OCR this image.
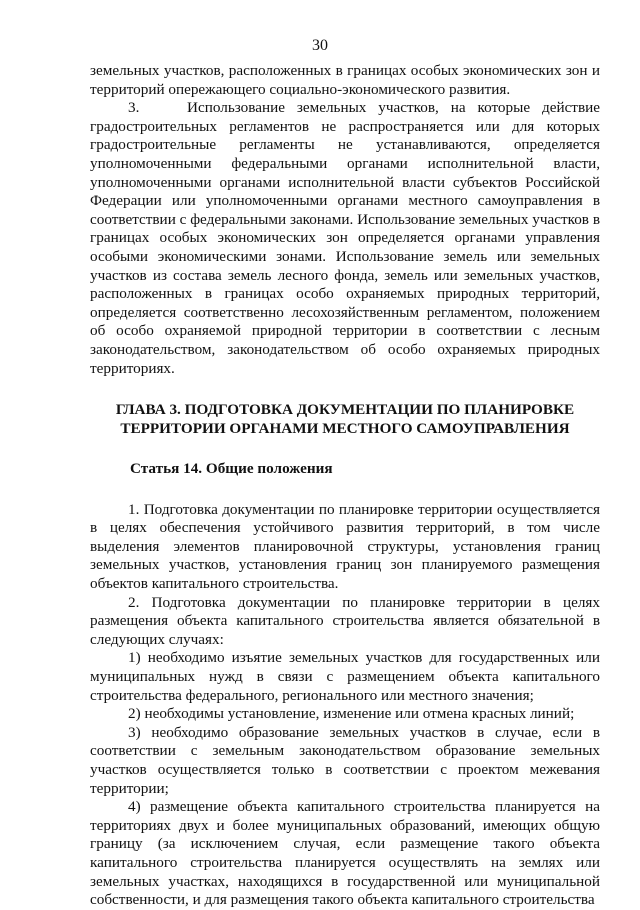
30

земельных участков, расположенных в границах особых экономических зон и территорий опережающего социально-экономического развития.

3.    Использование земельных участков, на которые действие градостроительных регламентов не распространяется или для которых градостроительные регламенты не устанавливаются, определяется уполномоченными федеральными органами исполнительной власти, уполномоченными органами исполнительной власти субъектов Российской Федерации или уполномоченными органами местного самоуправления в соответствии с федеральными законами. Использование земельных участков в границах особых экономических зон определяется органами управления особыми экономическими зонами. Использование земель или земельных участков из состава земель лесного фонда, земель или земельных участков, расположенных в границах особо охраняемых природных территорий, определяется соответственно лесохозяйственным регламентом, положением об особо охраняемой природной территории в соответствии с лесным законодательством, законодательством об особо охраняемых природных территориях.

ГЛАВА 3. ПОДГОТОВКА ДОКУМЕНТАЦИИ ПО ПЛАНИРОВКЕ
ТЕРРИТОРИИ ОРГАНАМИ МЕСТНОГО САМОУПРАВЛЕНИЯ
Статья 14. Общие положения

1. Подготовка документации по планировке территории осуществляется в целях обеспечения устойчивого развития территорий, в том числе выделения элементов планировочной структуры, установления границ земельных участков, установления границ зон планируемого размещения объектов капитального строительства.

2. Подготовка документации по планировке территории в целях размещения объекта капитального строительства является обязательной в следующих случаях:

1) необходимо изъятие земельных участков для государственных или муниципальных нужд в связи с размещением объекта капитального строительства федерального, регионального или местного значения;

2) необходимы установление, изменение или отмена красных линий;

3) необходимо образование земельных участков в случае, если в соответствии с земельным законодательством образование земельных участков осуществляется только в соответствии с проектом межевания территории;

4) размещение объекта капитального строительства планируется на территориях двух и более муниципальных образований, имеющих общую границу (за исключением случая, если размещение такого объекта капитального строительства планируется осуществлять на землях или земельных участках, находящихся в государственной или муниципальной собственности, и для размещения такого объекта капитального строительства
